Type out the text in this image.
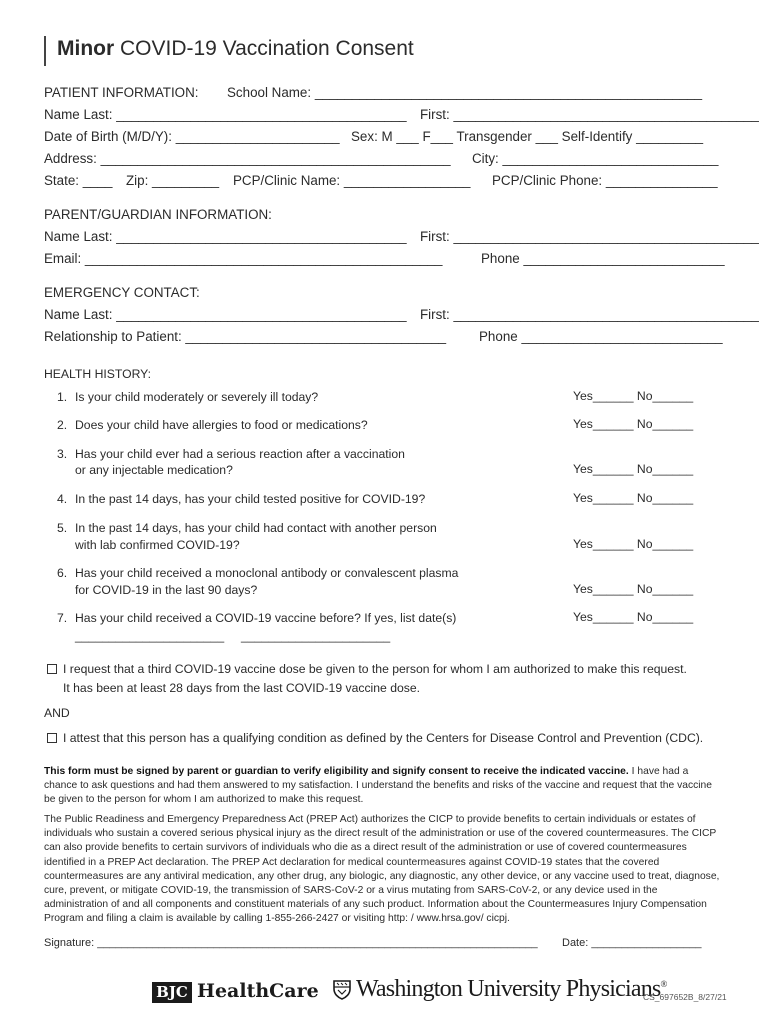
Minor COVID-19 Vaccination Consent
PATIENT INFORMATION: School Name: ____________________________________________________
Name Last: _______________________________________ First: _________________________________________
Date of Birth (M/D/Y): ______________________ Sex: M ___ F___ Transgender ___ Self-Identify _________
Address: _______________________________________________ City: _____________________________
State: ____ Zip: _________ PCP/Clinic Name: _________________ PCP/Clinic Phone: _______________
PARENT/GUARDIAN INFORMATION:
Name Last: _______________________________________ First: _________________________________________
Email: ________________________________________________	Phone ___________________________
EMERGENCY CONTACT:
Name Last: _______________________________________ First: _________________________________________
Relationship to Patient: ___________________________________ Phone ___________________________
HEALTH HISTORY:
1. Is your child moderately or severely ill today?	Yes______ No______
2. Does your child have allergies to food or medications?	Yes______ No______
3. Has your child ever had a serious reaction after a vaccination
or any injectable medication?	Yes______ No______
4. In the past 14 days, has your child tested positive for COVID-19?	Yes______ No______
5. In the past 14 days, has your child had contact with another person
with lab confirmed COVID-19?	Yes______ No______
6. Has your child received a monoclonal antibody or convalescent plasma
for COVID-19 in the last 90 days?	Yes______ No______
7. Has your child received a COVID-19 vaccine before? If yes, list date(s)	Yes______ No______
______________________     ______________________
I request that a third COVID-19 vaccine dose be given to the person for whom I am authorized to make this request.
It has been at least 28 days from the last COVID-19 vaccine dose.
AND
I attest that this person has a qualifying condition as defined by the Centers for Disease Control and Prevention (CDC).
This form must be signed by parent or guardian to verify eligibility and signify consent to receive the indicated vaccine. I have had a chance to ask questions and had them answered to my satisfaction. I understand the benefits and risks of the vaccine and request that the vaccine be given to the person for whom I am authorized to make this request.
The Public Readiness and Emergency Preparedness Act (PREP Act) authorizes the CICP to provide benefits to certain individuals or estates of individuals who sustain a covered serious physical injury as the direct result of the administration or use of the covered countermeasures. The CICP can also provide benefits to certain survivors of individuals who die as a direct result of the administration or use of covered countermeasures identified in a PREP Act declaration. The PREP Act declaration for medical countermeasures against COVID-19 states that the covered countermeasures are any antiviral medication, any other drug, any biologic, any diagnostic, any other device, or any vaccine used to treat, diagnose, cure, prevent, or mitigate COVID-19, the transmission of SARS-CoV-2 or a virus mutating from SARS-CoV-2, or any device used in the administration of and all components and constituent materials of any such product. Information about the Countermeasures Injury Compensation Program and filing a claim is available by calling 1-855-266-2427 or visiting http: / www.hrsa.gov/ cicpj.
Signature: ________________________________________________________________________ Date: __________________
BJC HealthCare Washington University Physicians®
CS_697652B_8/27/21
